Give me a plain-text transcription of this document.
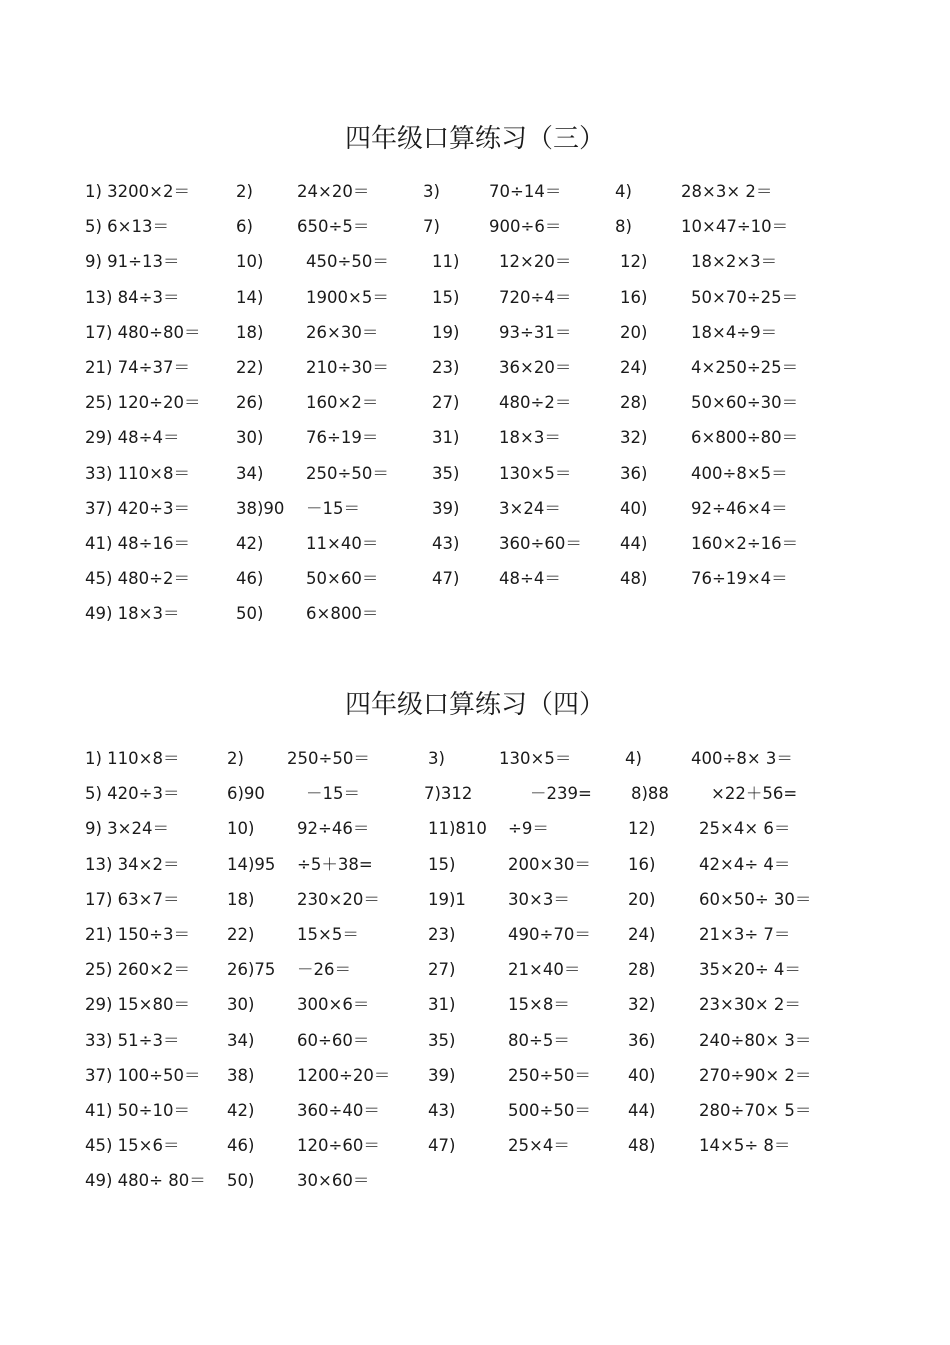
四年级口算练习（三）
1) 3200×2＝	2)	24×20＝	3)	70÷14＝	4)	28×3× 2＝
5) 6×13＝	6)	650÷5＝	7)	900÷6＝	8)	10×47÷10＝
9) 91÷13＝	10)	450÷50＝	11) 12×20＝	12)	18×2×3＝
13) 84÷3＝	14)	1900×5＝	15) 720÷4＝	16)	50×70÷25＝
17) 480÷80＝ 18)	26×30＝	19) 93÷31＝	20)	18×4÷9＝
21) 74÷37＝	22)	210÷30＝	23) 36×20＝	24)	4×250÷25＝
25) 120÷20＝ 26)	160×2＝	27) 480÷2＝	28)	50×60÷30＝
29) 48÷4＝	30)	76÷19＝	31) 18×3＝	32)	6×800÷80＝
33) 110×8＝	34)	250÷50＝	35) 130×5＝	36)	400÷8×5＝
37) 420÷3＝	38)90 －15＝	39) 3×24＝	40)	92÷46×4＝
41) 48÷16＝	42)	11×40＝	43) 360÷60＝ 44)	160×2÷16＝
45) 480÷2＝	46)	50×60＝	47) 48÷4＝	48)	76÷19×4＝
49) 18×3＝	50)	6×800＝
四年级口算练习（四）
1) 110×8＝	2)	250÷50＝	3)	130×5＝	4)	400÷8× 3＝
5) 420÷3＝	6)90 －15＝	7)312	－239= 8)88	×22＋56=
9) 3×24＝	10)	92÷46＝	11)810 ÷9＝	12)	25×4× 6＝
13) 34×2＝	14)95 ÷5＋38=	15)	200×30＝ 16)	42×4÷ 4＝
17) 63×7＝	18)	230×20＝	19)1	30×3＝	20)	60×50÷ 30＝
21) 150÷3＝ 22)	15×5＝	23)	490÷70＝ 24)	21×3÷ 7＝
25) 260×2＝ 26)75 －26＝	27)	21×40＝	28)	35×20÷ 4＝
29) 15×80＝ 30)	300×6＝	31)	15×8＝	32)	23×30× 2＝
33) 51÷3＝	34)	60÷60＝	35)	80÷5＝	36)	240÷80× 3＝
37) 100÷50＝ 38)	1200÷20＝ 39)	250÷50＝ 40)	270÷90× 2＝
41) 50÷10＝ 42)	360÷40＝	43)	500÷50＝ 44)	280÷70× 5＝
45) 15×6＝	46)	120÷60＝	47)	25×4＝	48)	14×5÷ 8＝
49) 480÷ 80＝ 50)	30×60＝
